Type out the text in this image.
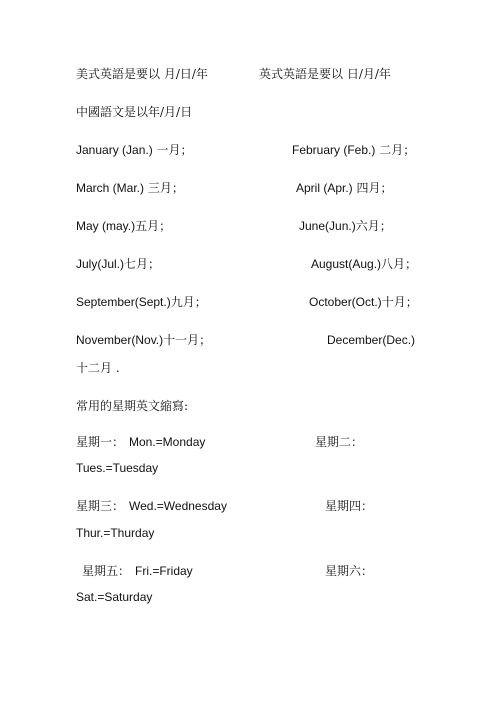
美式英語是要以 月/日/年	英式英語是要以 日/月/年
中國語文是以年/月/日
January (Jan.) 一月；	February (Feb.) 二月；
March (Mar.) 三月；	April (Apr.) 四月；
May (may.)五月；	June(Jun.)六月；
July(Jul.)七月；	August(Aug.)八月；
September(Sept.)九月；	October(Oct.)十月；
November(Nov.)十一月；	December(Dec.)
十二月 .
常用的星期英文縮寫:
星期一： Mon.=Monday	星期二：
Tues.=Tuesday
星期三： Wed.=Wednesday	星期四：
Thur.=Thurday
星期五： Fri.=Friday	星期六：
Sat.=Saturday
